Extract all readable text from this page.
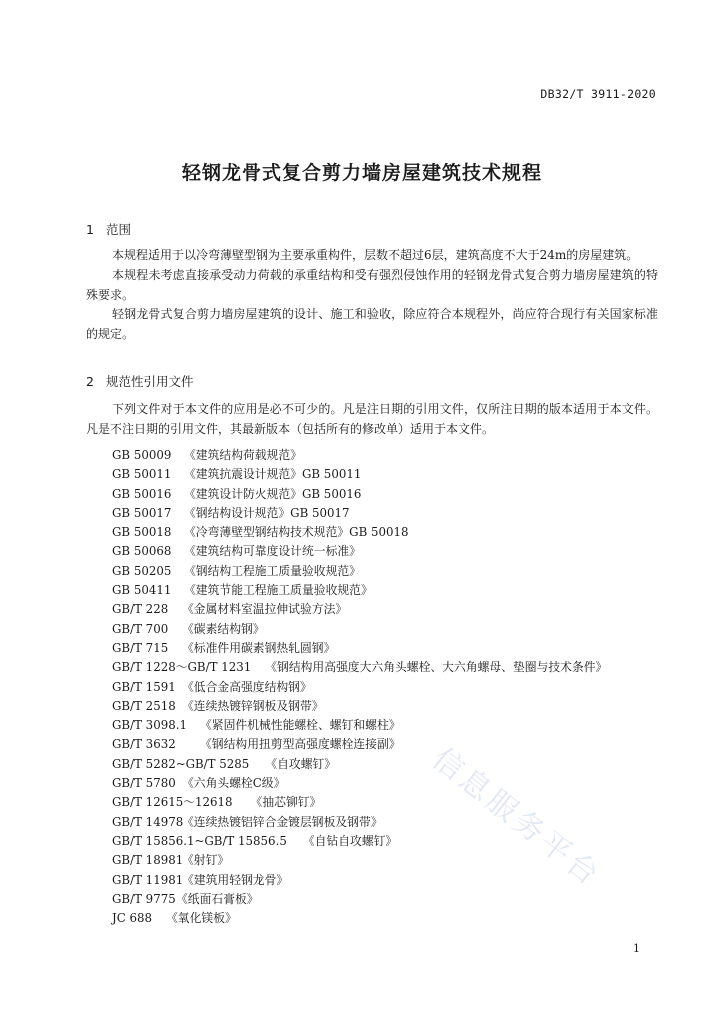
DB32/T 3911-2020
轻钢龙骨式复合剪力墙房屋建筑技术规程
1 范围

本规程适用于以冷弯薄壁型钢为主要承重构件，层数不超过6层，建筑高度不大于24m的房屋建筑。

本规程未考虑直接承受动力荷载的承重结构和受有强烈侵蚀作用的轻钢龙骨式复合剪力墙房屋建筑的特殊要求。

轻钢龙骨式复合剪力墙房屋建筑的设计、施工和验收，除应符合本规程外，尚应符合现行有关国家标准的规定。

2 规范性引用文件

下列文件对于本文件的应用是必不可少的。凡是注日期的引用文件，仅所注日期的版本适用于本文件。凡是不注日期的引用文件，其最新版本（包括所有的修改单）适用于本文件。

GB 50009 《建筑结构荷载规范》
GB 50011 《建筑抗震设计规范》GB 50011
GB 50016 《建筑设计防火规范》GB 50016
GB 50017 《钢结构设计规范》GB 50017
GB 50018 《冷弯薄壁型钢结构技术规范》GB 50018
GB 50068 《建筑结构可靠度设计统一标准》
GB 50205 《钢结构工程施工质量验收规范》
GB 50411 《建筑节能工程施工质量验收规范》
GB/T 228 《金属材料室温拉伸试验方法》
GB/T 700 《碳素结构钢》
GB/T 715 《标准件用碳素钢热轧圆钢》
GB/T 1228～GB/T 1231 《钢结构用高强度大六角头螺栓、大六角螺母、垫圈与技术条件》
GB/T 1591 《低合金高强度结构钢》
GB/T 2518 《连续热镀锌钢板及钢带》
GB/T 3098.1 《紧固件机械性能螺栓、螺钉和螺柱》
GB/T 3632 《钢结构用扭剪型高强度螺栓连接副》
GB/T 5282~GB/T 5285 《自攻螺钉》
GB/T 5780 《六角头螺栓C级》
GB/T 12615～12618 《抽芯铆钉》
GB/T 14978《连续热镀铝锌合金镀层钢板及钢带》
GB/T 15856.1~GB/T 15856.5 《自钻自攻螺钉》
GB/T 18981《射钉》
GB/T 11981《建筑用轻钢龙骨》
GB/T 9775《纸面石膏板》
JC 688 《氧化镁板》
信息服务平台
1
